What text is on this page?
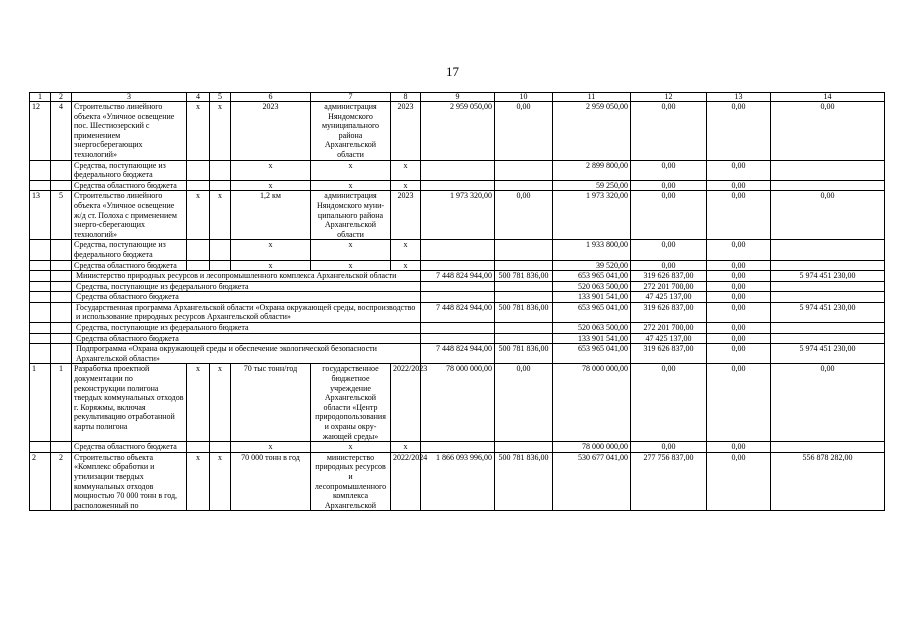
17
1	2	3	4	5	6	7	8	9	10	11	12	13	14
12	4	Строительство линейного объекта «Уличное освещение пос. Шестиозерский с применением энергосберегающих технологий»	х	х	2023	администрация Няндомского муниципального района Архангельской области	2023	2 959 050,00	0,00	2 959 050,00	0,00	0,00	0,00
		Средства, поступающие из федерального бюджета			х	х	х			2 899 800,00	0,00	0,00	
		Средства областного бюджета			х	х	х			59 250,00	0,00	0,00	
13	5	Строительство линейного объекта «Уличное освещение ж/д ст. Полоха с применением энерго-сберегающих технологий»	х	х	1,2 км	администрация Няндомского муни-ципального района Архангельской области	2023	1 973 320,00	0,00	1 973 320,00	0,00	0,00	0,00
		Средства, поступающие из федерального бюджета			х	х	х			1 933 800,00	0,00	0,00	
		Средства областного бюджета			х	х	х			39 520,00	0,00	0,00	
		Министерство природных ресурсов и лесопромышленного комплекса Архангельской области						7 448 824 944,00	500 781 836,00	653 965 041,00	319 626 837,00	0,00	5 974 451 230,00
		Средства, поступающие из федерального бюджета								520 063 500,00	272 201 700,00	0,00	
		Средства областного бюджета								133 901 541,00	47 425 137,00	0,00	
		Государственная программа Архангельской области «Охрана окружающей среды, воспроизводство и использование природных ресурсов Архангельской области»						7 448 824 944,00	500 781 836,00	653 965 041,00	319 626 837,00	0,00	5 974 451 230,00
		Средства, поступающие из федерального бюджета								520 063 500,00	272 201 700,00	0,00	
		Средства областного бюджета								133 901 541,00	47 425 137,00	0,00	
		Подпрограмма «Охрана окружающей среды и обеспечение экологической безопасности Архангельской области»						7 448 824 944,00	500 781 836,00	653 965 041,00	319 626 837,00	0,00	5 974 451 230,00
1	1	Разработка проектной документации по реконструкции полигона твердых коммунальных отходов г. Коряжмы, включая рекультивацию отработанной карты полигона	х	х	70 тыс тонн/год	государственное бюджетное учреждение Архангельской области «Центр природопользования и охраны окру-жающей среды»	2022/2023	78 000 000,00	0,00	78 000 000,00	0,00	0,00	0,00
		Средства областного бюджета			х	х	х			78 000 000,00	0,00	0,00	
2	2	Строительство объекта «Комплекс обработки и утилизации твердых коммунальных отходов мощностью 70 000 тонн в год, расположенный по	х	х	70 000 тонн в год	министерство природных ресурсов и лесопромышленного комплекса Архангельской	2022/2024	1 866 093 996,00	500 781 836,00	530 677 041,00	277 756 837,00	0,00	556 878 282,00
